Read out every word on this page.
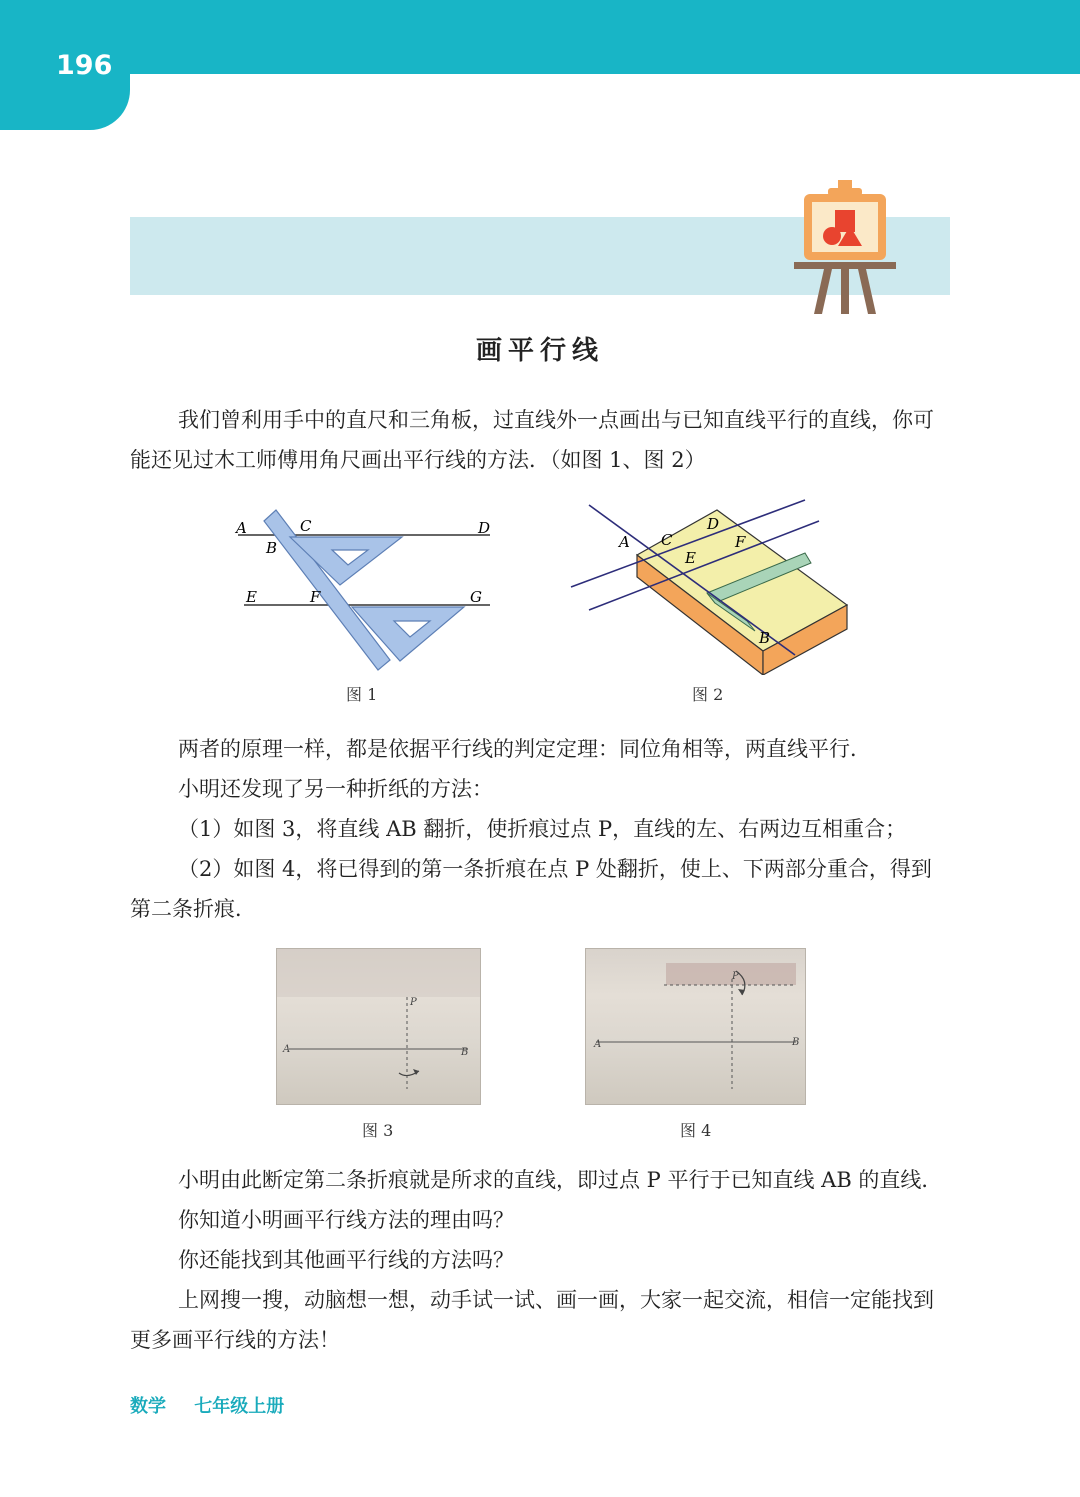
196
画平行线
我们曾利用手中的直尺和三角板，过直线外一点画出与已知直线平行的直线，你可能还见过木工师傅用角尺画出平行线的方法．（如图 1、图 2）
A
B
C	D
E	F	G
图 1
A C
D
E
F
B
图 2
两者的原理一样，都是依据平行线的判定定理：同位角相等，两直线平行．
小明还发现了另一种折纸的方法：
（1）如图 3，将直线 AB 翻折，使折痕过点 P，直线的左、右两边互相重合；
（2）如图 4，将已得到的第一条折痕在点 P 处翻折，使上、下两部分重合，得到第二条折痕．
A	B
P
图 3
A	B
P
图 4
小明由此断定第二条折痕就是所求的直线，即过点 P 平行于已知直线 AB 的直线．
你知道小明画平行线方法的理由吗？
你还能找到其他画平行线的方法吗？
上网搜一搜，动脑想一想，动手试一试、画一画，大家一起交流，相信一定能找到更多画平行线的方法！
数学 七年级上册
